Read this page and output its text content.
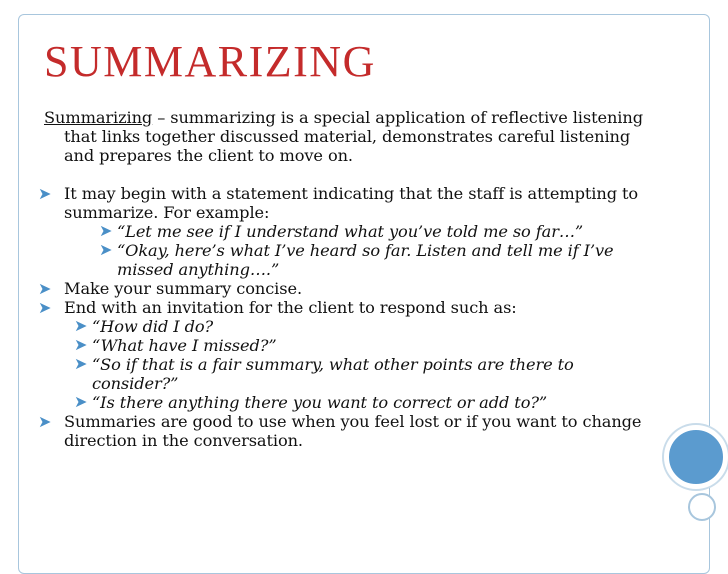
SUMMARIZING

Summarizing – summarizing is a special application of reflective listening that links together discussed material, demonstrates careful listening and prepares the client to move on.

➤ It may begin with a statement indicating that the staff is attempting to summarize. For example:

➤ “Let me see if I understand what you’ve told me so far…”

➤ “Okay, here’s what I’ve heard so far. Listen and tell me if I’ve missed anything….”

➤ Make your summary concise.

➤ End with an invitation for the client to respond such as:

➤ “How did I do?

➤ “What have I missed?”

➤ “So if that is a fair summary, what other points are there to consider?”

➤ “Is there anything there you want to correct or add to?”

➤ Summaries are good to use when you feel lost or if you want to change direction in the conversation.
